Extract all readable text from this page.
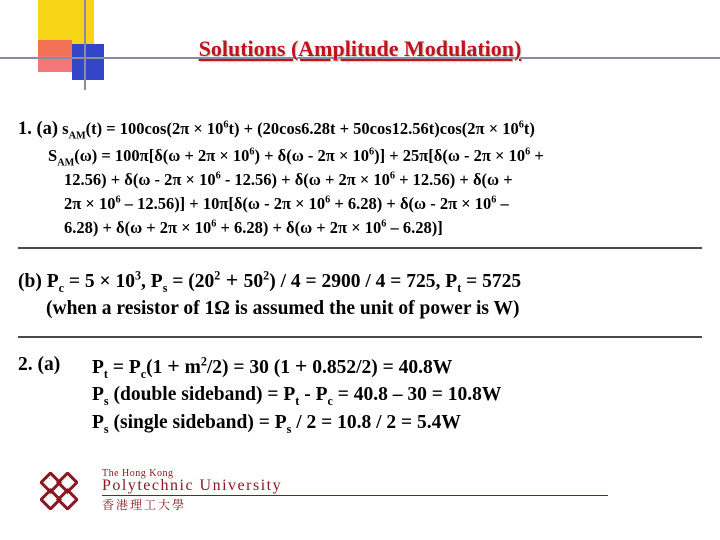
Solutions (Amplitude Modulation)
1. (a) $s_{AM}(t) = 100\cos(2\pi \times 10^6t) + (20\cos 6.28t + 50\cos 12.56t)\cos(2\pi \times 10^6t)$
$S_{AM}(\omega) = 100\pi[\delta(\omega + 2\pi \times 10^6) + \delta(\omega - 2\pi \times 10^6)] + 25\pi[\delta(\omega - 2\pi \times 10^6$ +
$12.56) + \delta(\omega - 2\pi \times 10^6 - 12.56) + \delta(\omega + 2\pi \times 10^6 + 12.56) + \delta(\omega$ +
$2\pi \times 10^6 - 12.56)] + 10\pi[\delta(\omega - 2\pi \times 10^6 + 6.28) + \delta(\omega - 2\pi \times 10^6$ –
$6.28) + \delta(\omega + 2\pi \times 10^6 + 6.28) + \delta(\omega + 2\pi \times 10^6 - 6.28)$]
(b) $P_c = 5 \times 10^3$, $P_s = (20^2 + 50^2) / 4 = 2900 / 4 = 725$, $P_t = 5725$
(when a resistor of 1Ω is assumed the unit of power is W)
2. (a) $P_t = P_c(1 + m^2/2) = 30$ (1 + 0.852/2) = 40.8W
$P_s$ (double sideband) = $P_t - P_c = 40.8 - 30 = 10.8W$
$P_s$ (single sideband) = $P_s / 2 = 10.8 / 2 = 5.4W$
The Hong Kong
Polytechnic University
香港理工大學
